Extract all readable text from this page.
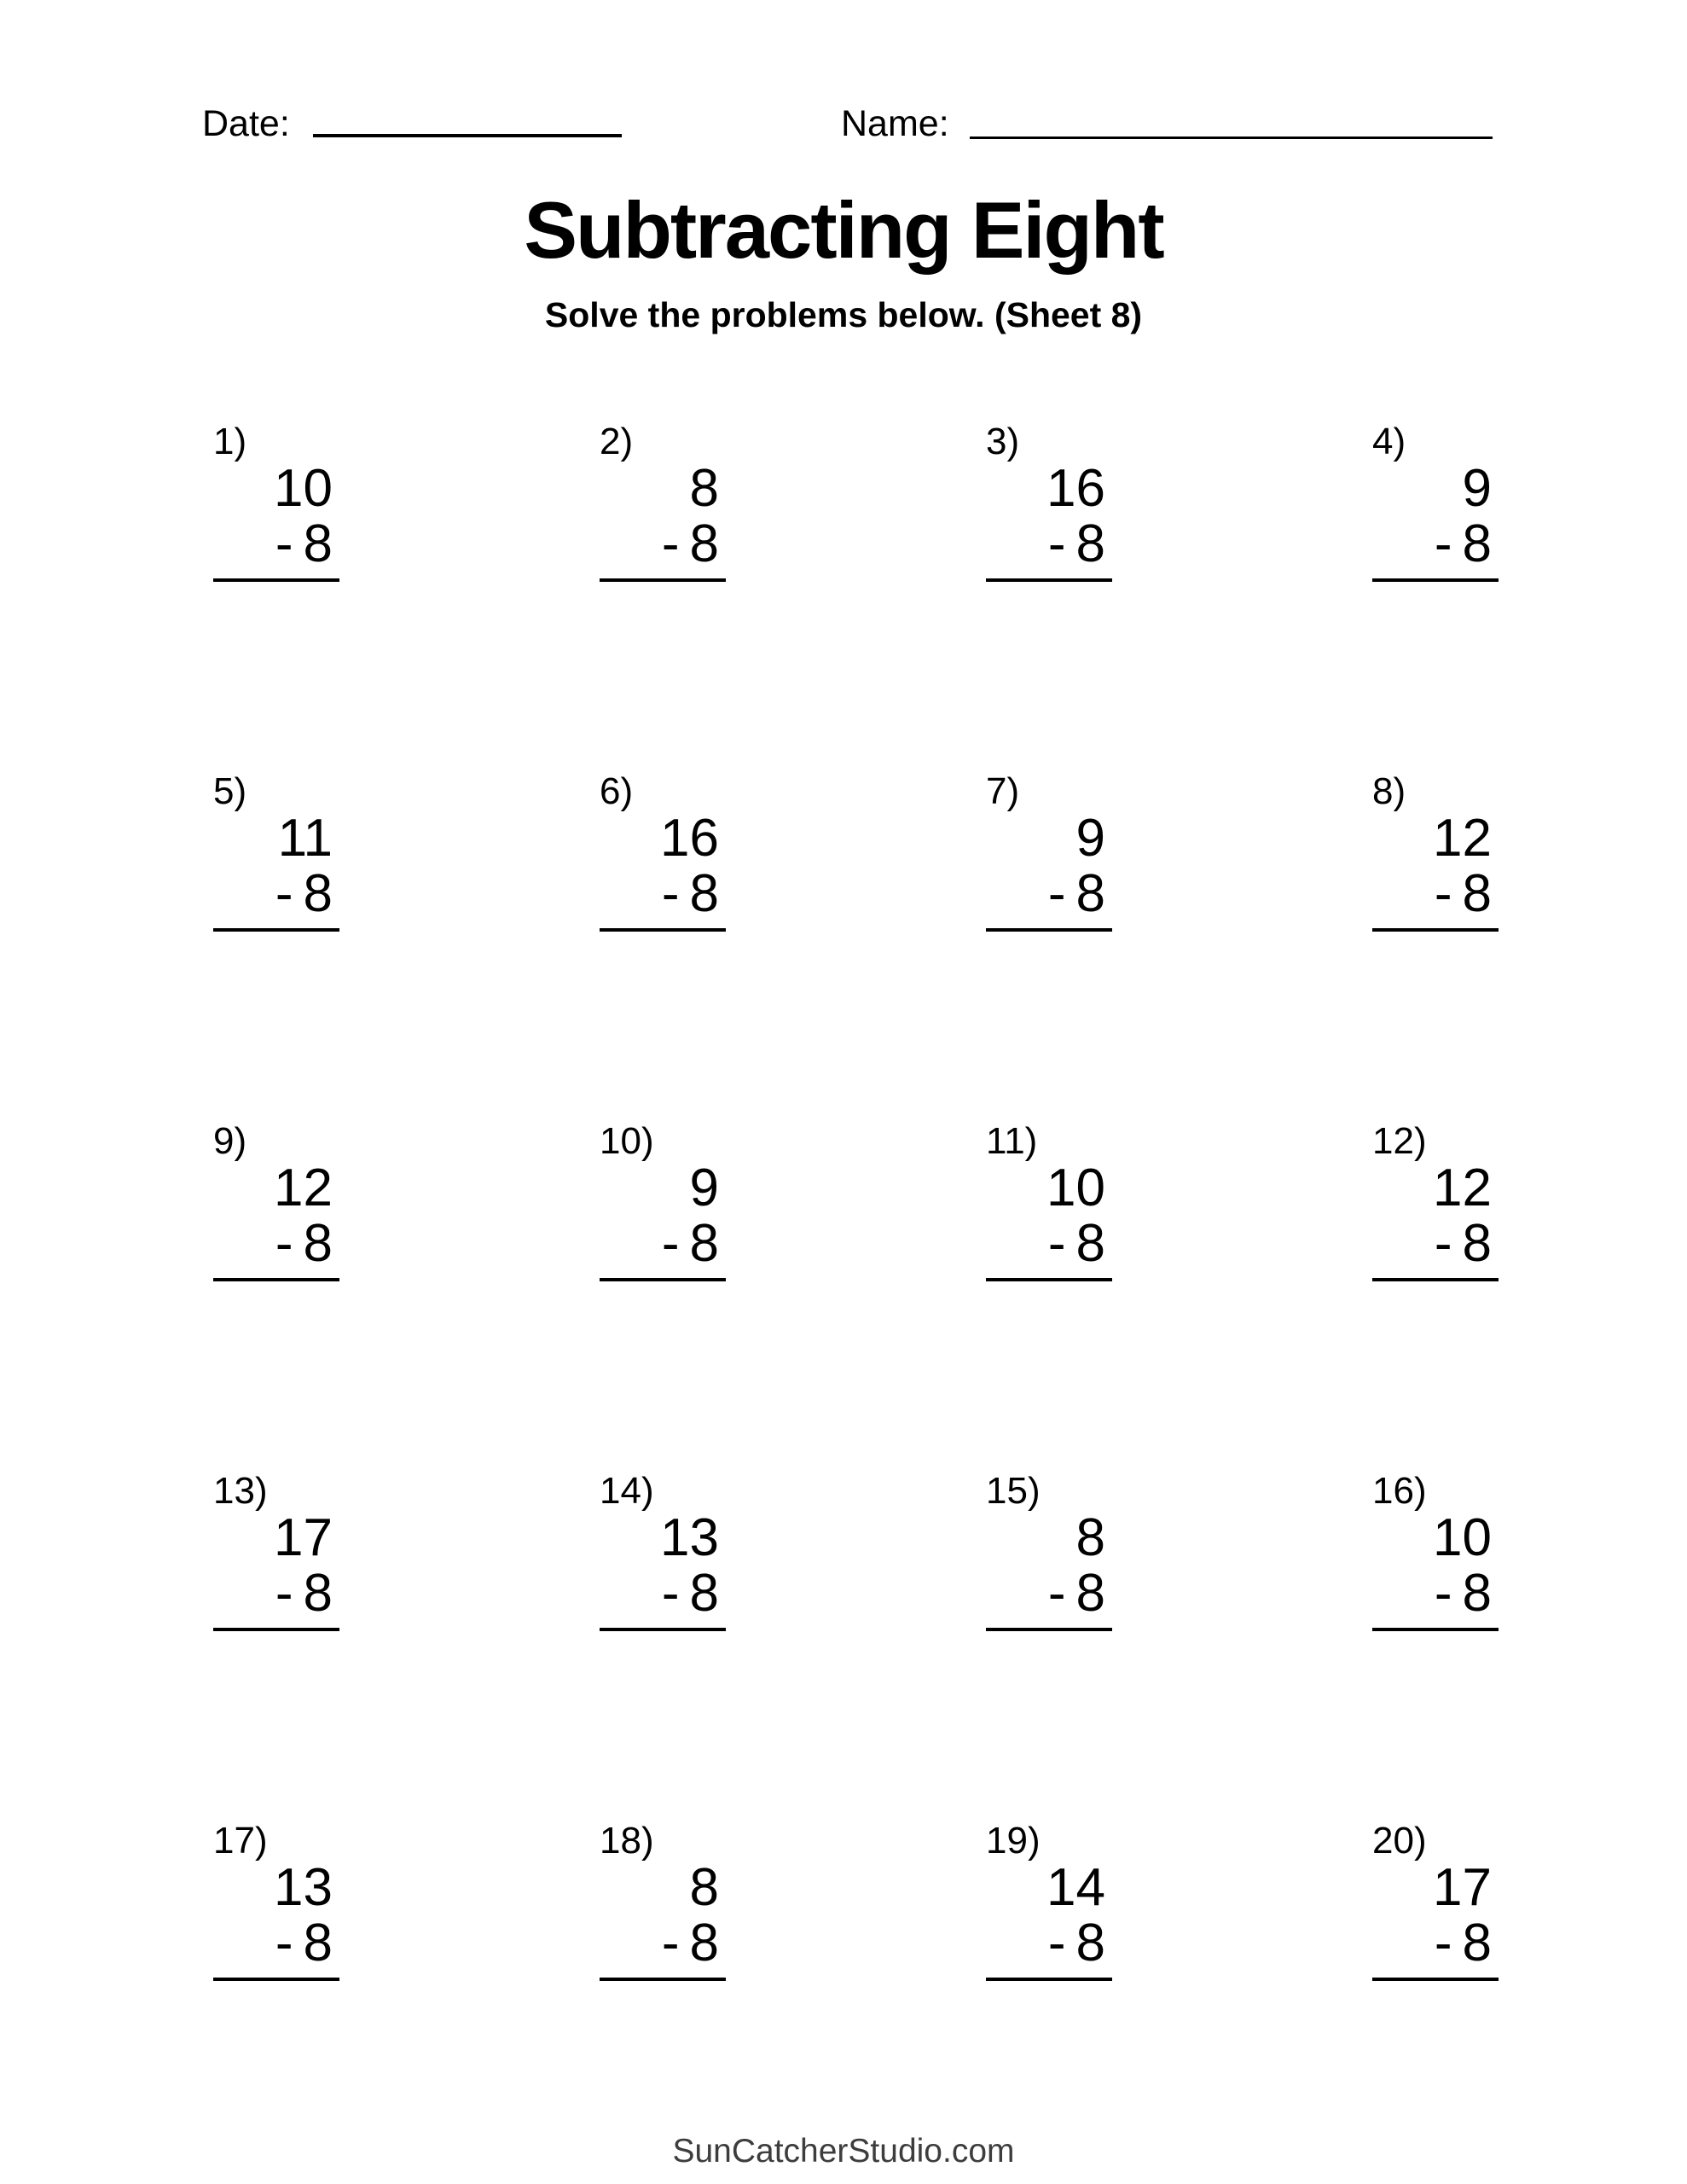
Date:	Name:
Subtracting Eight
Solve the problems below. (Sheet 8)
1)
10
- 8
2)
8
- 8
3)
16
- 8
4)
9
- 8
5)
11
- 8
6)
16
- 8
7)
9
- 8
8)
12
- 8
9)
12
- 8
10)
9
- 8
11)
10
- 8
12)
12
- 8
13)
17
- 8
14)
13
- 8
15)
8
- 8
16)
10
- 8
17)
13
- 8
18)
8
- 8
19)
14
- 8
20)
17
- 8
SunCatcherStudio.com
